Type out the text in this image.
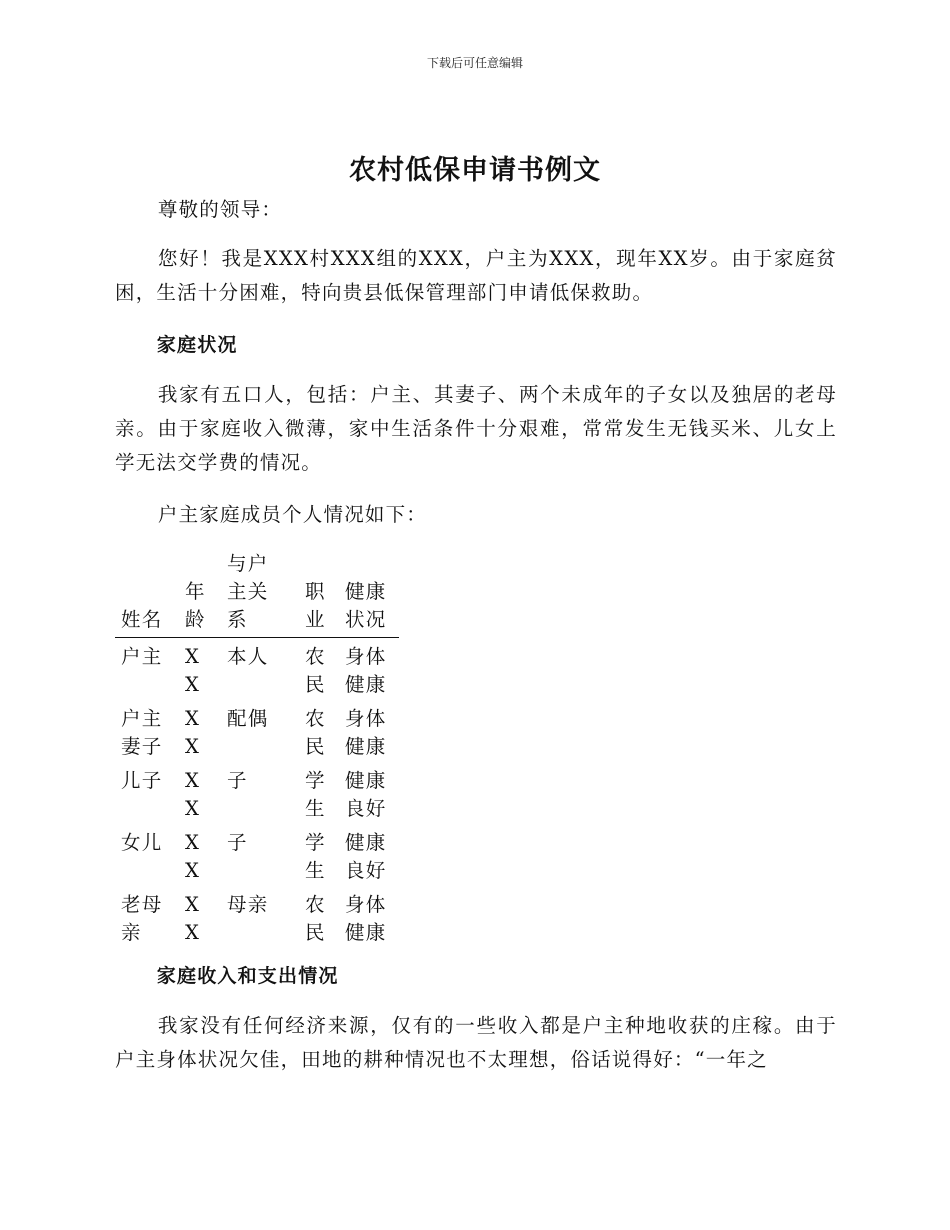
下载后可任意编辑
农村低保申请书例文

尊敬的领导：

您好！我是XXX村XXX组的XXX，户主为XXX，现年XX岁。由于家庭贫困，生活十分困难，特向贵县低保管理部门申请低保救助。

家庭状况

我家有五口人，包括：户主、其妻子、两个未成年的子女以及独居的老母亲。由于家庭收入微薄，家中生活条件十分艰难，常常发生无钱买米、儿女上学无法交学费的情况。

户主家庭成员个人情况如下：

姓名	年龄	与户主关系	职业	健康状况
户主	XX	本人	农民	身体健康
户主妻子	XX	配偶	农民	身体健康
儿子	XX	子	学生	健康良好
女儿	XX	子	学生	健康良好
老母亲	XX	母亲	农民	身体健康

家庭收入和支出情况

我家没有任何经济来源，仅有的一些收入都是户主种地收获的庄稼。由于户主身体状况欠佳，田地的耕种情况也不太理想，俗话说得好：“一年之
